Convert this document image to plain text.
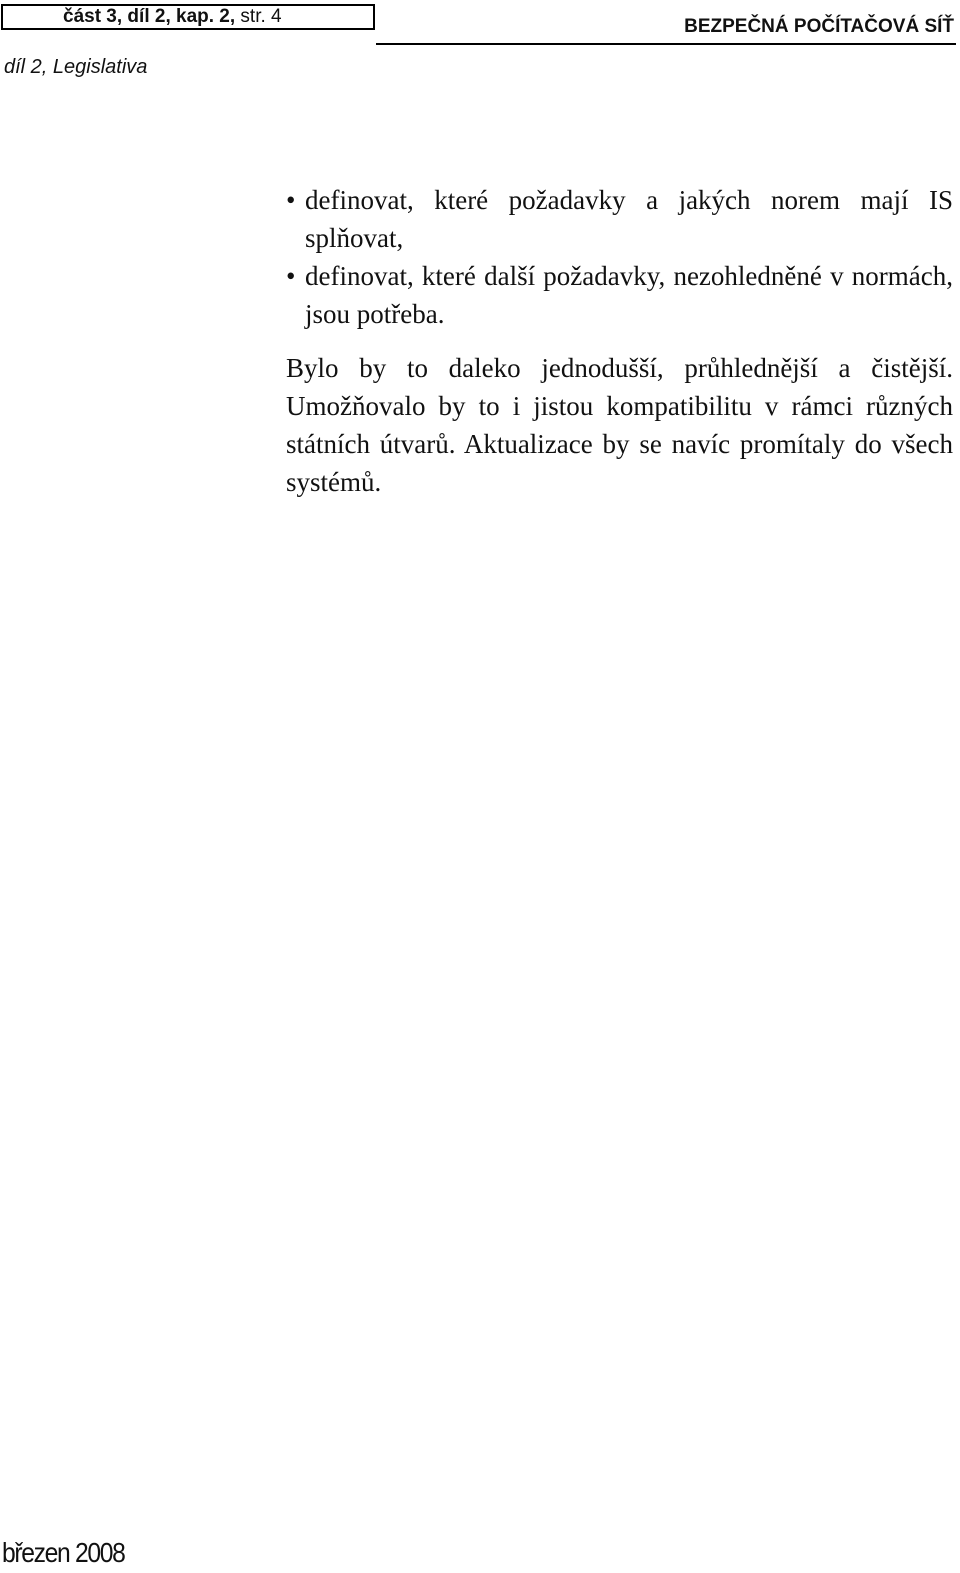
část 3, díl 2, kap. 2, str. 4	BEZPEČNÁ POČÍTAČOVÁ SÍŤ
díl 2, Legislativa
• definovat, které požadavky a jakých norem mají IS splňovat,
• definovat, které další požadavky, nezohledněné v normách, jsou potřeba.

Bylo by to daleko jednodušší, průhlednější a čistější. Umožňovalo by to i jistou kompatibilitu v rámci různých státních útvarů. Aktualizace by se navíc promítaly do všech systémů.

březen 2008
